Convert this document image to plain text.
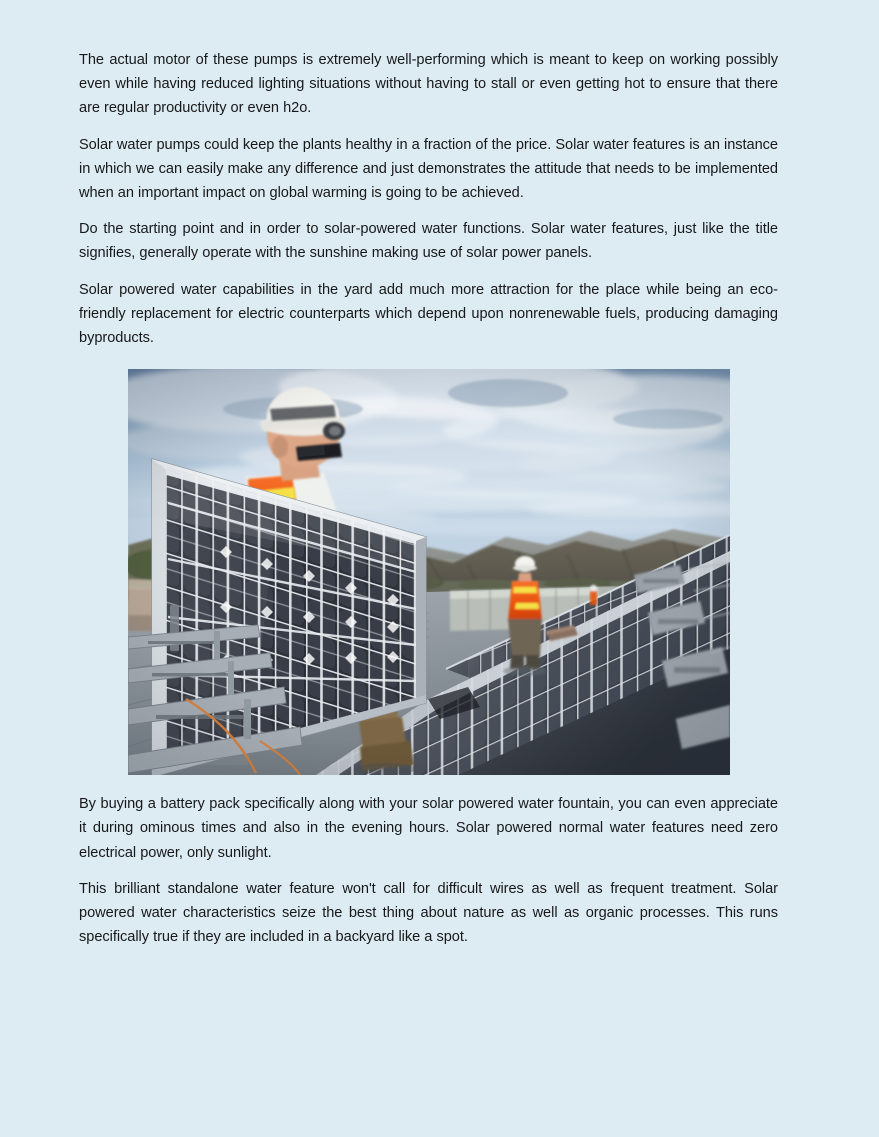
The actual motor of these pumps is extremely well-performing which is meant to keep on working possibly even while having reduced lighting situations without having to stall or even getting hot to ensure that there are regular productivity or even h2o.

Solar water pumps could keep the plants healthy in a fraction of the price. Solar water features is an instance in which we can easily make any difference and just demonstrates the attitude that needs to be implemented when an important impact on global warming is going to be achieved.

Do the starting point and in order to solar-powered water functions. Solar water features, just like the title signifies, generally operate with the sunshine making use of solar power panels.

Solar powered water capabilities in the yard add much more attraction for the place while being an eco-friendly replacement for electric counterparts which depend upon nonrenewable fuels, producing damaging byproducts.

By buying a battery pack specifically along with your solar powered water fountain, you can even appreciate it during ominous times and also in the evening hours. Solar powered normal water features need zero electrical power, only sunlight.

This brilliant standalone water feature won't call for difficult wires as well as frequent treatment. Solar powered water characteristics seize the best thing about nature as well as organic processes. This runs specifically true if they are included in a backyard like a spot.
